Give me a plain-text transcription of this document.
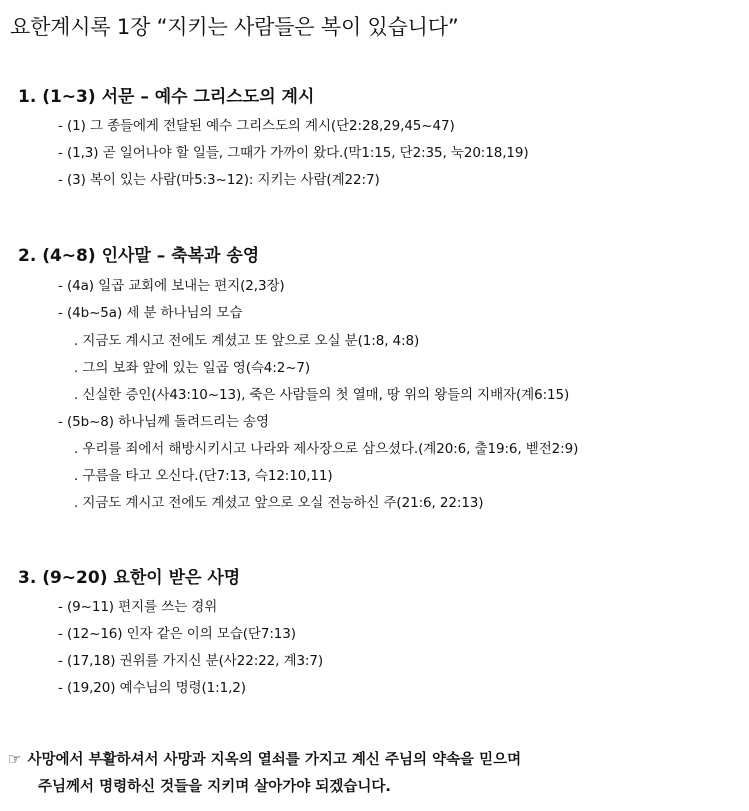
요한계시록 1장 “지키는 사람들은 복이 있습니다”
1. (1~3) 서문 – 예수 그리스도의 계시
- (1) 그 종들에게 전달된 예수 그리스도의 계시(단2:28,29,45~47)
- (1,3) 곧 일어나야 할 일들, 그때가 가까이 왔다.(막1:15, 단2:35, 눅20:18,19)
- (3) 복이 있는 사람(마5:3~12): 지키는 사람(계22:7)
2. (4~8) 인사말 – 축복과 송영
- (4a) 일곱 교회에 보내는 편지(2,3장)
- (4b~5a) 세 분 하나님의 모습
. 지금도 계시고 전에도 계셨고 또 앞으로 오실 분(1:8, 4:8)
. 그의 보좌 앞에 있는 일곱 영(슥4:2~7)
. 신실한 증인(사43:10~13), 죽은 사람들의 첫 열매, 땅 위의 왕들의 지배자(계6:15)
- (5b~8) 하나님께 돌려드리는 송영
. 우리를 죄에서 해방시키시고 나라와 제사장으로 삼으셨다.(계20:6, 출19:6, 벧전2:9)
. 구름을 타고 오신다.(단7:13, 슥12:10,11)
. 지금도 계시고 전에도 계셨고 앞으로 오실 전능하신 주(21:6, 22:13)
3. (9~20) 요한이 받은 사명
- (9~11) 편지를 쓰는 경위
- (12~16) 인자 같은 이의 모습(단7:13)
- (17,18) 권위를 가지신 분(사22:22, 계3:7)
- (19,20) 예수님의 명령(1:1,2)
☞ 사망에서 부활하셔서 사망과 지옥의 열쇠를 가지고 계신 주님의 약속을 믿으며
주님께서 명령하신 것들을 지키며 살아가야 되겠습니다.
